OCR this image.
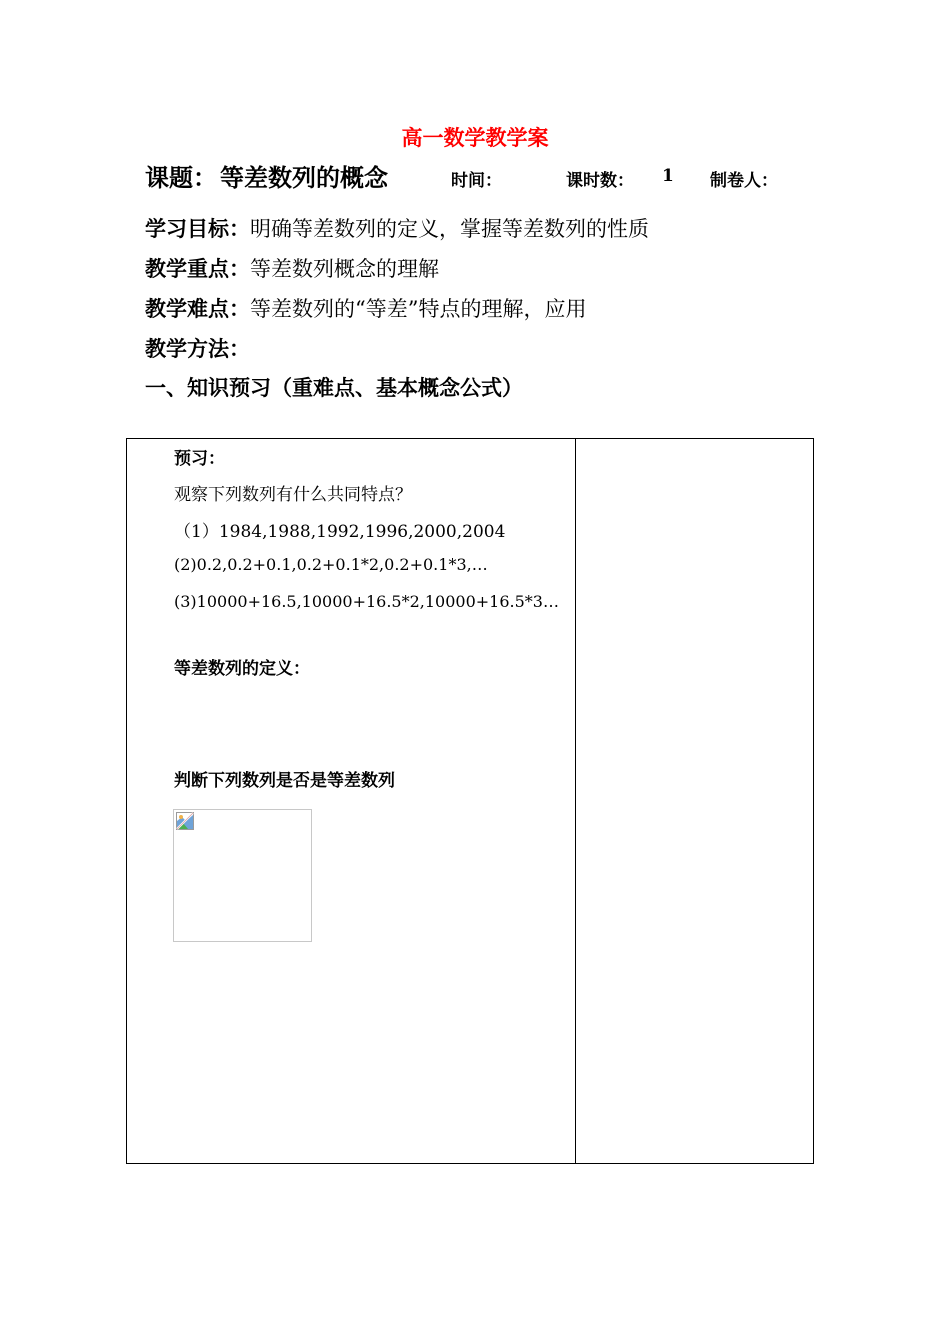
高一数学教学案
课题： 等差数列的概念	时间：	课时数： 1 制卷人：
学习目标：明确等差数列的定义，掌握等差数列的性质
教学重点：等差数列概念的理解
教学难点：等差数列的“等差”特点的理解，应用
教学方法：
一、知识预习（重难点、基本概念公式）
预习：
观察下列数列有什么共同特点？
（1）1984,1988,1992,1996,2000,2004
(2)0.2,0.2+0.1,0.2+0.1*2,0.2+0.1*3,…
(3)10000+16.5,10000+16.5*2,10000+16.5*3…
等差数列的定义：
判断下列数列是否是等差数列
